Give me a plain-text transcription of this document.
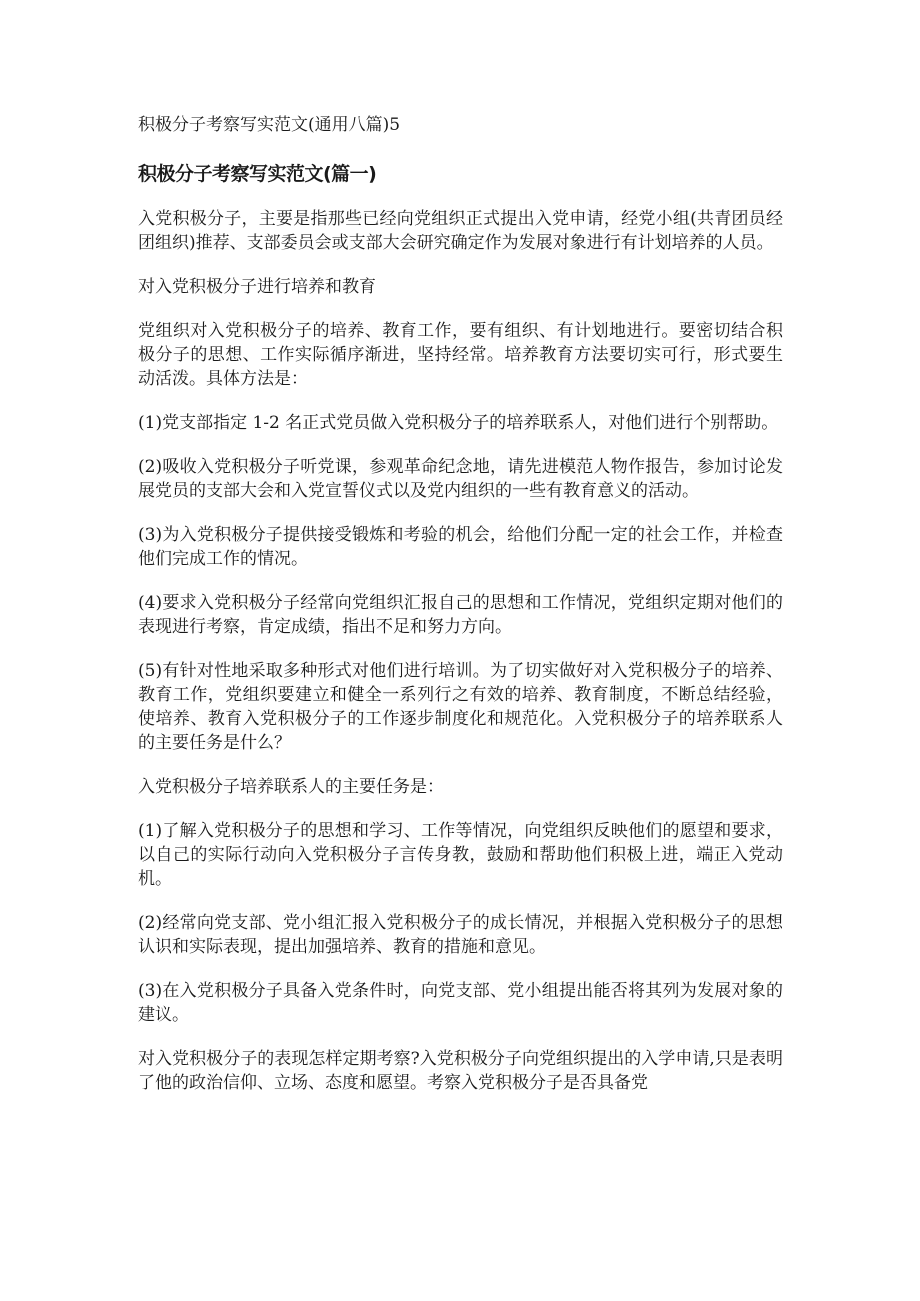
积极分子考察写实范文(通用八篇)5
积极分子考察写实范文(篇一)

入党积极分子，主要是指那些已经向党组织正式提出入党申请，经党小组(共青团员经团组织)推荐、支部委员会或支部大会研究确定作为发展对象进行有计划培养的人员。

对入党积极分子进行培养和教育

党组织对入党积极分子的培养、教育工作，要有组织、有计划地进行。要密切结合积极分子的思想、工作实际循序渐进，坚持经常。培养教育方法要切实可行，形式要生动活泼。具体方法是：

(1)党支部指定 1-2 名正式党员做入党积极分子的培养联系人，对他们进行个别帮助。

(2)吸收入党积极分子听党课，参观革命纪念地，请先进模范人物作报告，参加讨论发展党员的支部大会和入党宣誓仪式以及党内组织的一些有教育意义的活动。

(3)为入党积极分子提供接受锻炼和考验的机会，给他们分配一定的社会工作，并检查他们完成工作的情况。

(4)要求入党积极分子经常向党组织汇报自己的思想和工作情况，党组织定期对他们的表现进行考察，肯定成绩，指出不足和努力方向。

(5)有针对性地采取多种形式对他们进行培训。为了切实做好对入党积极分子的培养、教育工作，党组织要建立和健全一系列行之有效的培养、教育制度，不断总结经验，使培养、教育入党积极分子的工作逐步制度化和规范化。入党积极分子的培养联系人的主要任务是什么？

入党积极分子培养联系人的主要任务是：

(1)了解入党积极分子的思想和学习、工作等情况，向党组织反映他们的愿望和要求，以自己的实际行动向入党积极分子言传身教，鼓励和帮助他们积极上进，端正入党动机。

(2)经常向党支部、党小组汇报入党积极分子的成长情况，并根据入党积极分子的思想认识和实际表现，提出加强培养、教育的措施和意见。

(3)在入党积极分子具备入党条件时，向党支部、党小组提出能否将其列为发展对象的建议。

对入党积极分子的表现怎样定期考察?入党积极分子向党组织提出的入学申请,只是表明了他的政治信仰、立场、态度和愿望。考察入党积极分子是否具备党
